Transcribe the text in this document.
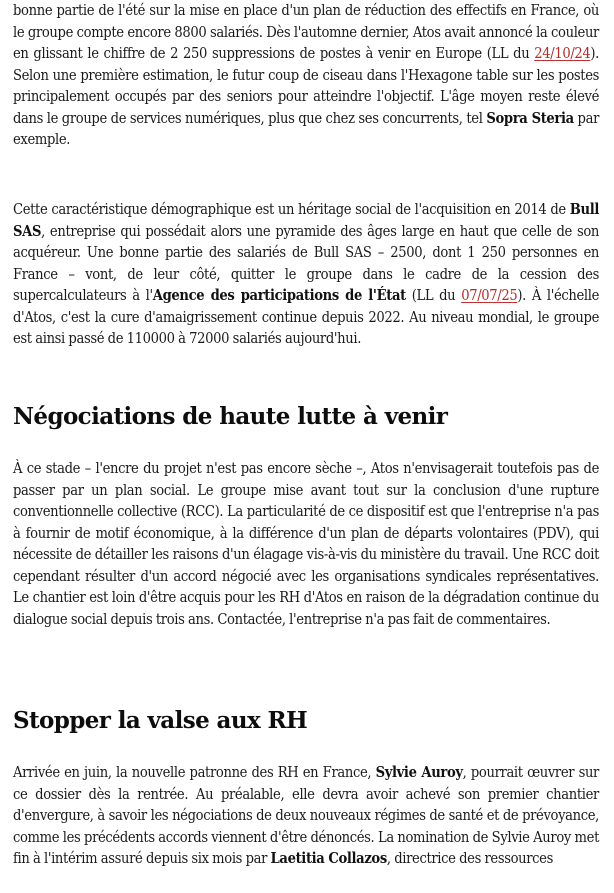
bonne partie de l'été sur la mise en place d'un plan de réduction des effectifs en France, où le groupe compte encore 8800 salariés. Dès l'automne dernier, Atos avait annoncé la couleur en glissant le chiffre de 2 250 suppressions de postes à venir en Europe (LL du 24/10/24). Selon une première estimation, le futur coup de ciseau dans l'Hexagone table sur les postes principalement occupés par des seniors pour atteindre l'objectif. L'âge moyen reste élevé dans le groupe de services numériques, plus que chez ses concurrents, tel Sopra Steria par exemple.

Cette caractéristique démographique est un héritage social de l'acquisition en 2014 de Bull SAS, entreprise qui possédait alors une pyramide des âges large en haut que celle de son acquéreur. Une bonne partie des salariés de Bull SAS – 2500, dont 1 250 personnes en France – vont, de leur côté, quitter le groupe dans le cadre de la cession des supercalculateurs à l'Agence des participations de l'État (LL du 07/07/25). À l'échelle d'Atos, c'est la cure d'amaigrissement continue depuis 2022. Au niveau mondial, le groupe est ainsi passé de 110000 à 72000 salariés aujourd'hui.

Négociations de haute lutte à venir

À ce stade – l'encre du projet n'est pas encore sèche –, Atos n'envisagerait toutefois pas de passer par un plan social. Le groupe mise avant tout sur la conclusion d'une rupture conventionnelle collective (RCC). La particularité de ce dispositif est que l'entreprise n'a pas à fournir de motif économique, à la différence d'un plan de départs volontaires (PDV), qui nécessite de détailler les raisons d'un élagage vis-à-vis du ministère du travail. Une RCC doit cependant résulter d'un accord négocié avec les organisations syndicales représentatives. Le chantier est loin d'être acquis pour les RH d'Atos en raison de la dégradation continue du dialogue social depuis trois ans. Contactée, l'entreprise n'a pas fait de commentaires.

Stopper la valse aux RH

Arrivée en juin, la nouvelle patronne des RH en France, Sylvie Auroy, pourrait œuvrer sur ce dossier dès la rentrée. Au préalable, elle devra avoir achevé son premier chantier d'envergure, à savoir les négociations de deux nouveaux régimes de santé et de prévoyance, comme les précédents accords viennent d'être dénoncés. La nomination de Sylvie Auroy met fin à l'intérim assuré depuis six mois par Laetitia Collazos, directrice des ressources
